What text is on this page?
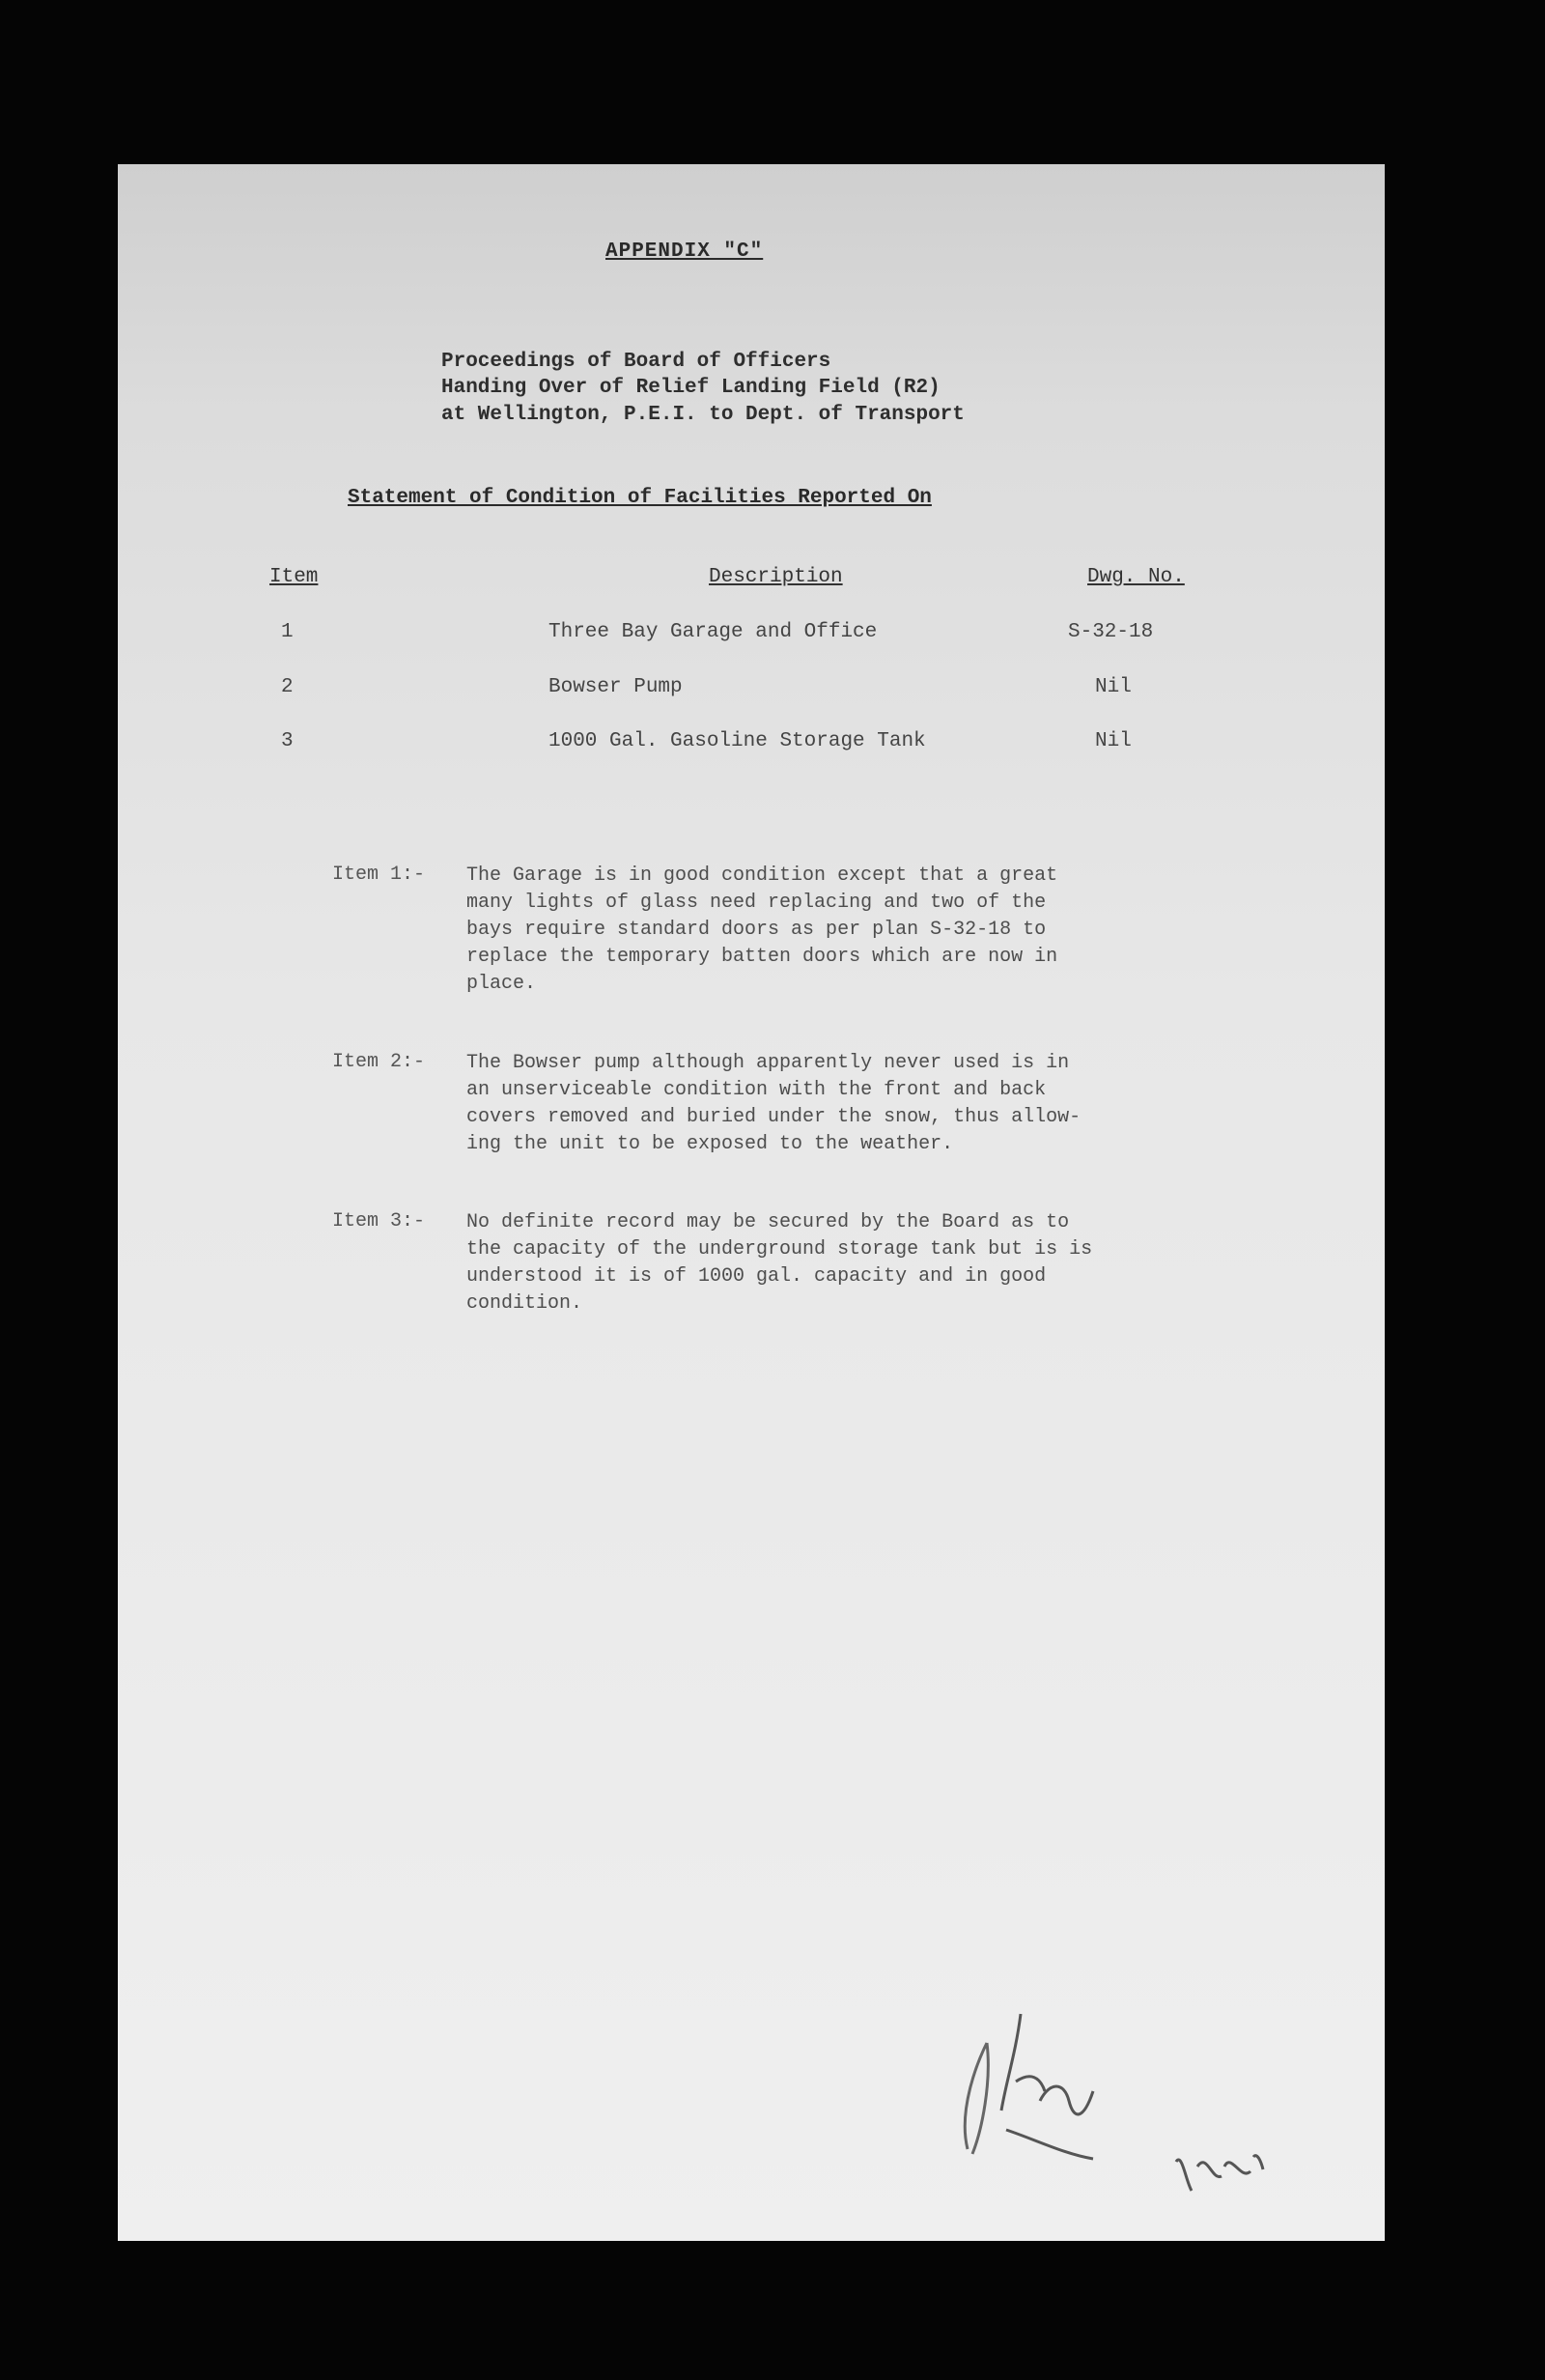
APPENDIX "C"
Proceedings of Board of Officers
Handing Over of Relief Landing Field (R2)
at Wellington, P.E.I. to Dept. of Transport
Statement of Condition of Facilities Reported On
Item	Description	Dwg. No.
1	Three Bay Garage and Office	S-32-18
2	Bowser Pump	Nil
3	1000 Gal. Gasoline Storage Tank	Nil
Item 1:- The Garage is in good condition except that a great
many lights of glass need replacing and two of the
bays require standard doors as per plan S-32-18 to
replace the temporary batten doors which are now in
place.
Item 2:- The Bowser pump although apparently never used is in
an unserviceable condition with the front and back
covers removed and buried under the snow, thus allow-
ing the unit to be exposed to the weather.
Item 3:- No definite record may be secured by the Board as to
the capacity of the underground storage tank but is is
understood it is of 1000 gal. capacity and in good
condition.
